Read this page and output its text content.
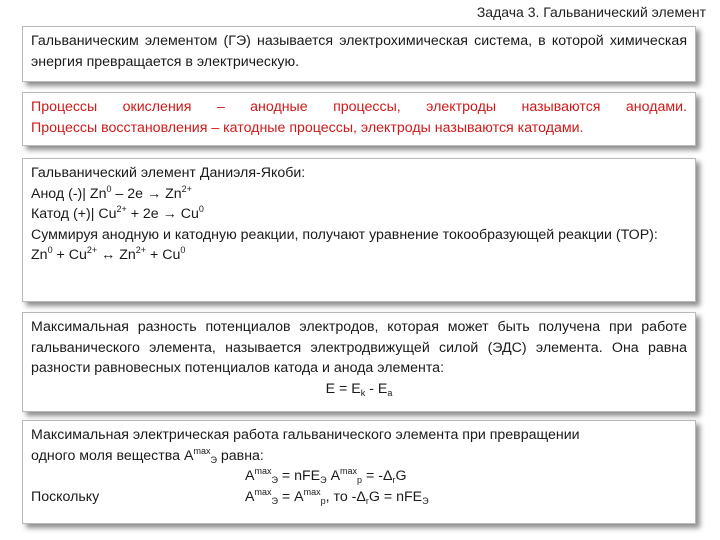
Задача 3. Гальванический элемент
Гальваническим элементом (ГЭ) называется электрохимическая система, в которой химическая энергия превращается в электрическую.
Процессы окисления – анодные процессы, электроды называются анодами.
Процессы восстановления – катодные процессы, электроды называются катодами.
Гальванический элемент Даниэля-Якоби:
Анод (-)| $Zn^0 - 2e \to Zn^{2+}$
Катод (+)| $Cu^{2+} + 2e \to Cu^0$
Суммируя анодную и катодную реакции, получают уравнение токообразующей реакции (ТОР):
$Zn^0 + Cu^{2+}$ ↔ $Zn^{2+} + Cu^0$
Максимальная разность потенциалов электродов, которая может быть получена при работе гальванического элемента, называется электродвижущей силой (ЭДС) элемента. Она равна разности равновесных потенциалов катода и анода элемента:
$E = E_k - E_a$
Максимальная электрическая работа гальванического элемента при превращении
одного моля вещества $A^{max}_Э$ равна:
$A^{max}_Э = nFE_Э$ $A^{max}_р = -\Delta_rG$
Поскольку	$A^{max}_Э = A^{max}_р$, то $-\Delta_rG = nFE_Э$
